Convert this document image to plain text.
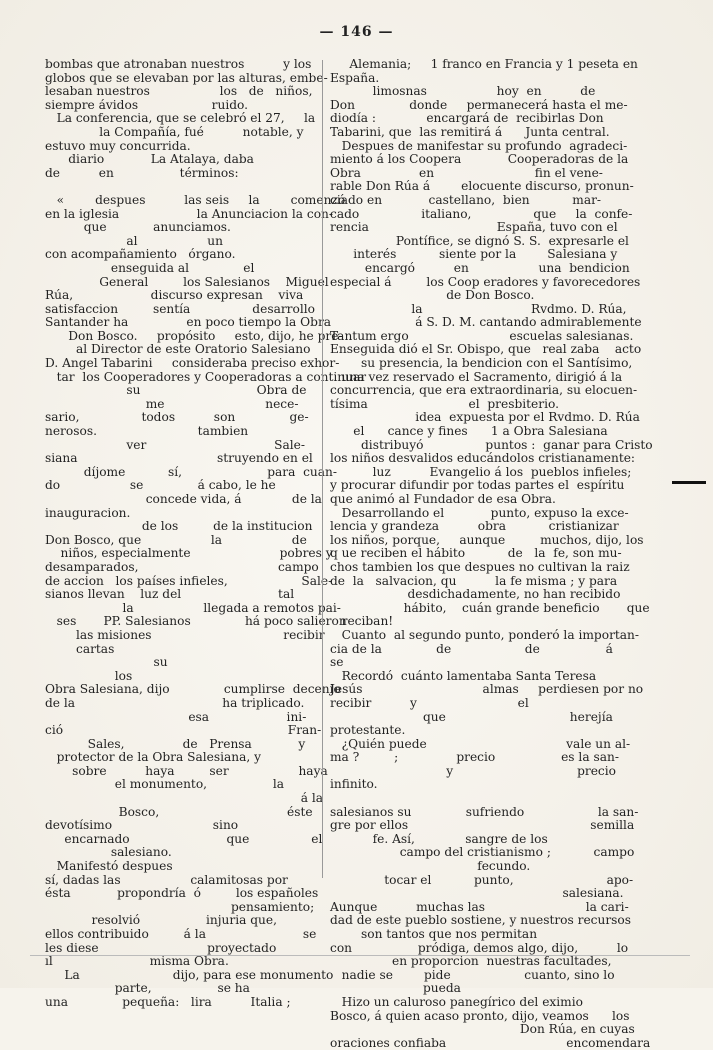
— 146 —
bombas que atronaban nuestros          y los
globos que se elevaban por las alturas, embe-
lesaban nuestros                  los   de   niños,
siempre ávidos                   ruido.
La conferencia, que se celebró el 27,     la
la Compañía, fué          notable, y
estuvo muy concurrida.
diario            La Atalaya, daba
de          en                 términos:
«        despues          las seis     la        comenzó
en la iglesia                    la Anunciacion la con-
que            anunciamos.
al                  un
con acompañamiento   órgano.
enseguida al              el
General         los Salesianos    Miguel
Rúa,                    discurso expresan    viva
satisfaccion         sentía                desarrollo
Santander ha               en poco tiempo la Obra
Don Bosco.     propósito     esto, dijo, he pre-
al Director de este Oratorio Salesiano
D. Angel Tabarini     consideraba preciso exhor-
tar  los Cooperadores y Cooperadoras a continuar
su                              Obra de
me                          nece-
sario,                todos          son              ge-
nerosos.                          tambien
ver                                 Sale-
siana                                    struyendo en el
díjome           sí,                      para  cuan-
do                  se              á cabo, le he
concede vida, á             de la
inauguracion.
de los         de la institucion
Don Bosco, que                  la                  de
niños, especialmente                       pobres y
desamparados,                                    campo
de accion   los países infieles,                   Sale-
sianos llevan    luz del                         tal
la                  llegada a remotos pai-
ses       PP. Salesianos              há poco salieron
las misiones                                  recibir
cartas
su
los
Obra Salesiana, dijo              cumplirse  decenio
de la                                      ha triplicado.
esa                    ini-
ció                                                          Fran-
Sales,               de   Prensa            y
protector de la Obra Salesiana, y
sobre          haya         ser                  haya
el monumento,                 la
á la
Bosco,                                 éste
devotísimo                          sino
encarnado                         que                el
salesiano.
Manifestó despues
sí, dadas las                  calamitosas por
ésta            propondría  ó         los españoles
pensamiento;
resolvió                 injuria que,
ellos contribuido         á la                         se
les diese                            proyectado
ıl                         misma Obra.
La                        dijo, para ese monumento
parte,                 se ha
una              pequeña:   lira          Italia ;
Alemania;     1 franco en Francia y 1 peseta en
España.
limosnas                  hoy  en          de
Don              donde     permanecerá hasta el me-
diodía :             encargará de  recibirlas Don
Tabarini, que  las remitirá á      Junta central.
Despues de manifestar su profundo  agradeci-
miento á los Coopera            Cooperadoras de la
Obra               en                          fin el vene-
rable Don Rúa á        elocuente discurso, pronun-
ciado en            castellano,  bien           mar-
cado                italiano,                que     la  confe-
rencia                                 España, tuvo con el
Pontífice, se dignó S. S.  expresarle el
interés           siente por la        Salesiana y
encargó          en                  una  bendicion
especial á         los Coop eradores y favorecedores
de Don Bosco.
la                            Rvdmo. D. Rúa,
á S. D. M. cantando admirablemente
Tantum ergo                          escuelas salesianas.
Enseguida dió el Sr. Obispo, que   real zaba    acto
su presencia, la bendicion con el Santísimo,
una vez reservado el Sacramento, dirigió á la
concurrencia, que era extraordinaria, su elocuen-
tísima                          el  presbiterio.
idea  expuesta por el Rvdmo. D. Rúa
el      cance y fines      1 a Obra Salesiana
distribuyó                puntos :  ganar para Cristo
los niños desvalidos educándolos cristianamente:
luz          Evangelio á los  pueblos infieles;
y procurar difundir por todas partes el  espíritu
que animó al Fundador de esa Obra.
Desarrollando el            punto, expuso la exce-
lencia y grandeza          obra           cristianizar
los niños, porque,     aunque         muchos, dijo, los
q ue reciben el hábito           de   la  fe, son mu-
chos tambien los que despues no cultivan la raiz
de  la   salvacion, qu          la fe misma ; y para
desdichadamente, no han recibido
hábito,    cuán grande beneficio       que
reciban!
Cuanto  al segundo punto, ponderó la importan-
cia de la              de                   de                 á
se
Recordó  cuánto lamentaba Santa Teresa
Jesús                               almas     perdiesen por no
recibir          y                          el
que                                herejía
protestante.
¿Quién puede                                    vale un al-
ma ?         ;               precio                 es la san-
y                                precio
infinito.
salesianos su              sufriendo                   la san-
gre por ellos                                               semilla
fe. Así,             sangre de los
campo del cristianismo ;           campo
fecundo.
tocar el           punto,                        apo-
salesiana.
Aunque          muchas las                          la cari-
dad de este pueblo sostiene, y nuestros recursos
son tantos que nos permitan
con                 pródiga, demos algo, dijo,          lo
en proporcion  nuestras facultades,
nadie se        pide                   cuanto, sino lo
pueda
Hizo un caluroso panegírico del eximio
Bosco, á quien acaso pronto, dijo, veamos      los
Don Rúa, en cuyas
oraciones confiaba                               encomendara
